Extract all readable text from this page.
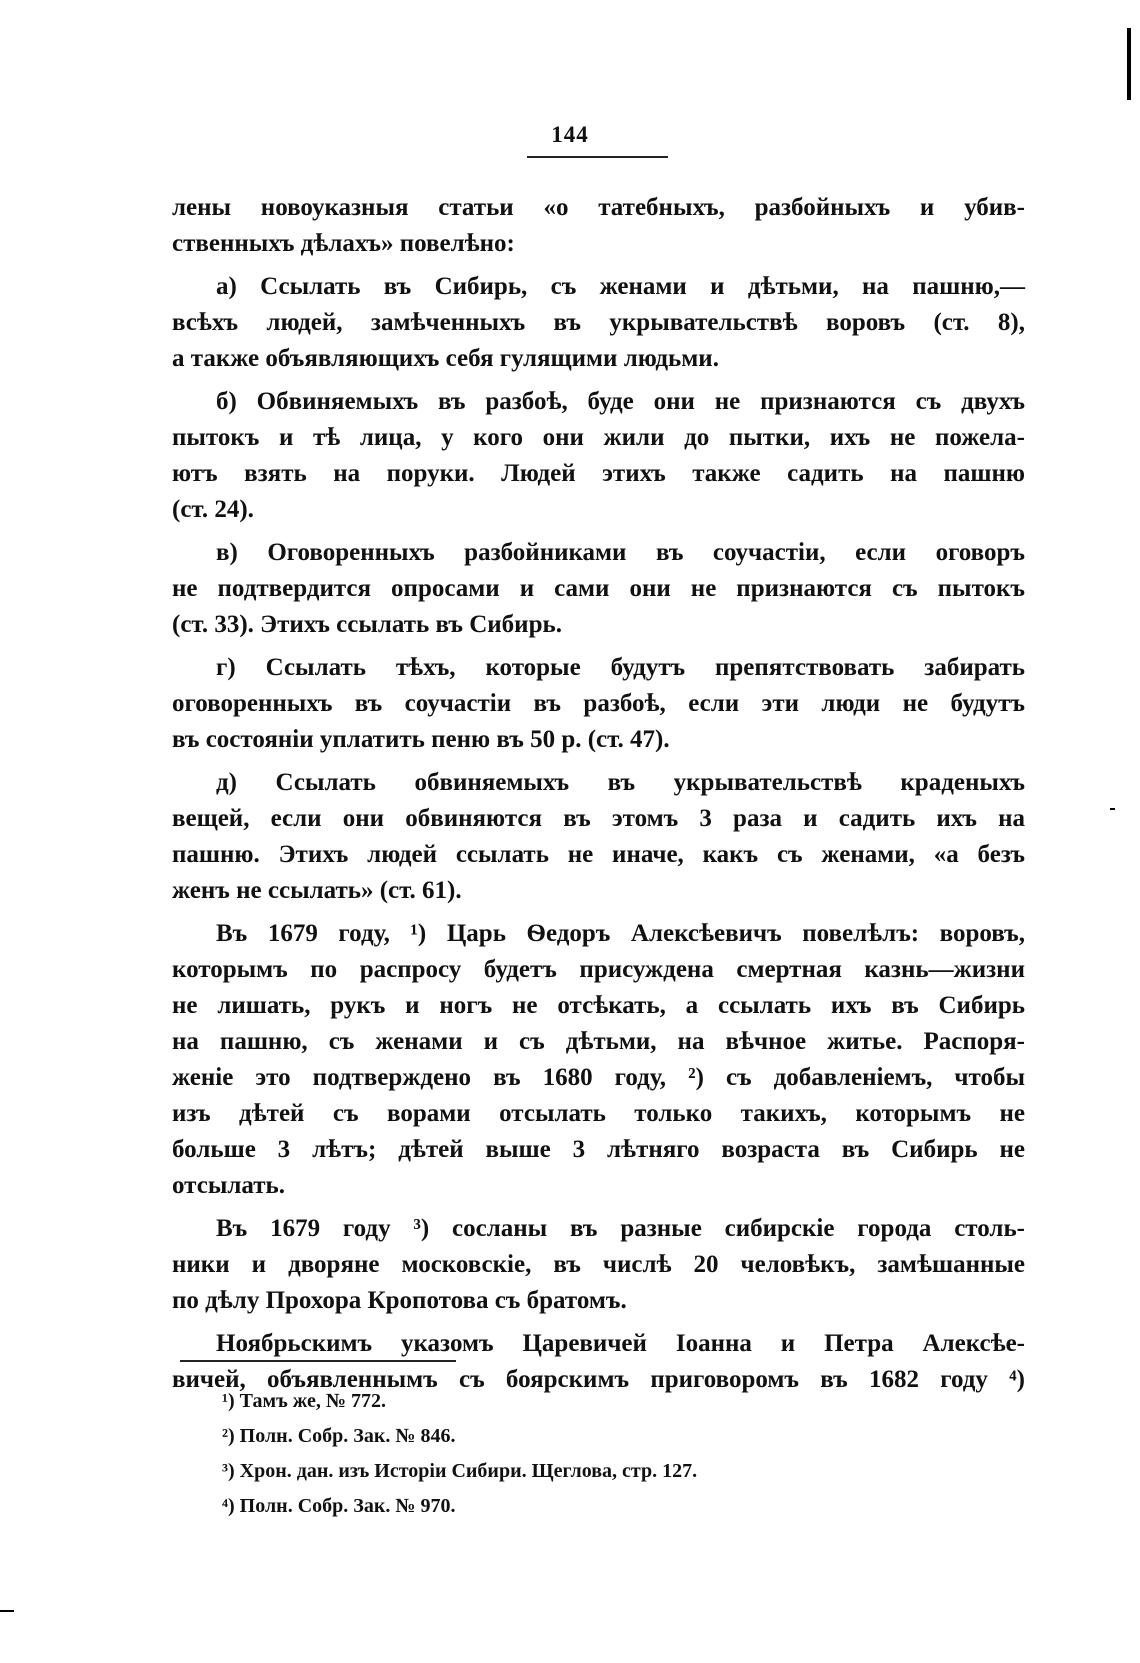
144
лены новоуказныя статьи «о татебныхъ, разбойныхъ и убив-
ственныхъ дѣлахъ» повелѣно:
а) Ссылать въ Сибирь, съ женами и дѣтьми, на пашню,—
всѣхъ людей, замѣченныхъ въ укрывательствѣ воровъ (ст. 8),
а также объявляющихъ себя гулящими людьми.
б) Обвиняемыхъ въ разбоѣ, буде они не признаются съ двухъ
пытокъ и тѣ лица, у кого они жили до пытки, ихъ не пожела-
ютъ взять на поруки. Людей этихъ также садить на пашню
(ст. 24).
в) Оговоренныхъ разбойниками въ соучастіи, если оговоръ
не подтвердится опросами и сами они не признаются съ пытокъ
(ст. 33). Этихъ ссылать въ Сибирь.
г) Ссылать тѣхъ, которые будутъ препятствовать забирать
оговоренныхъ въ соучастіи въ разбоѣ, если эти люди не будутъ
въ состояніи уплатить пеню въ 50 р. (ст. 47).
д) Ссылать обвиняемыхъ въ укрывательствѣ краденыхъ
вещей, если они обвиняются въ этомъ 3 раза и садить ихъ на
пашню. Этихъ людей ссылать не иначе, какъ съ женами, «а безъ
женъ не ссылать» (ст. 61).
Въ 1679 году, ¹) Царь Ѳедоръ Алексѣевичъ повелѣлъ: воровъ,
которымъ по распросу будетъ присуждена смертная казнь—жизни
не лишать, рукъ и ногъ не отсѣкать, а ссылать ихъ въ Сибирь
на пашню, съ женами и съ дѣтьми, на вѣчное житье. Распоря-
женіе это подтверждено въ 1680 году, ²) съ добавленіемъ, чтобы
изъ дѣтей съ ворами отсылать только такихъ, которымъ не
больше 3 лѣтъ; дѣтей выше 3 лѣтняго возраста въ Сибирь не
отсылать.
Въ 1679 году ³) сосланы въ разные сибирскіе города столь-
ники и дворяне московскіе, въ числѣ 20 человѣкъ, замѣшанные
по дѣлу Прохора Кропотова съ братомъ.
Ноябрьскимъ указомъ Царевичей Іоанна и Петра Алексѣе-
вичей, объявленнымъ съ боярскимъ приговоромъ въ 1682 году ⁴)
¹) Тамъ же, № 772.
²) Полн. Собр. Зак. № 846.
³) Хрон. дан. изъ Исторіи Сибири. Щеглова, стр. 127.
⁴) Полн. Собр. Зак. № 970.
